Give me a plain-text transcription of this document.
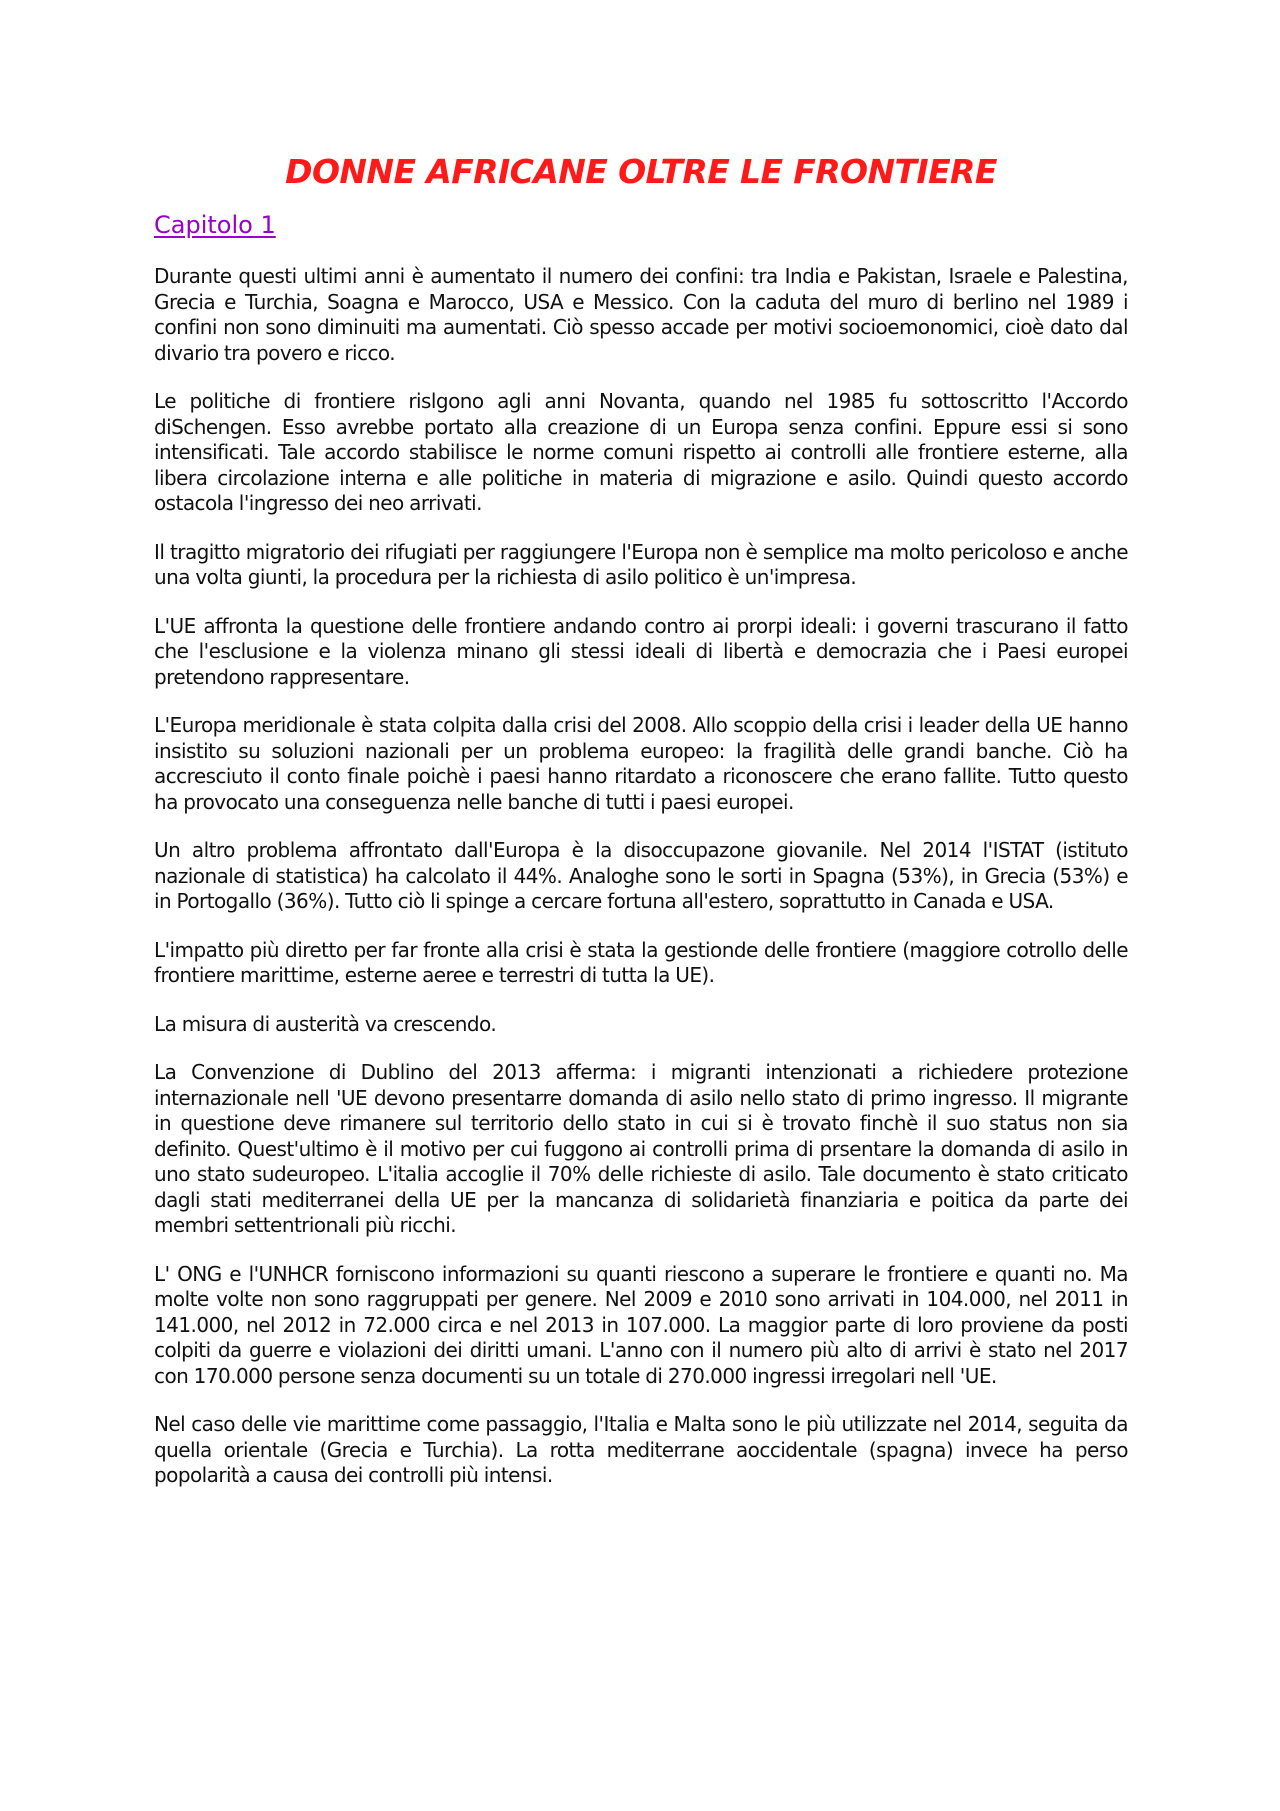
DONNE AFRICANE OLTRE LE FRONTIERE
Capitolo 1

Durante questi ultimi anni è aumentato il numero dei confini: tra India e Pakistan, Israele e Palestina, Grecia e Turchia, Soagna e Marocco, USA e Messico. Con la caduta del muro di berlino nel 1989 i confini non sono diminuiti ma aumentati. Ciò spesso accade per motivi socioemonomici, cioè dato dal divario tra povero e ricco.

Le politiche di frontiere rislgono agli anni Novanta, quando nel 1985 fu sottoscritto l'Accordo diSchengen. Esso avrebbe portato alla creazione di un Europa senza confini. Eppure essi si sono intensificati. Tale accordo stabilisce le norme comuni rispetto ai controlli alle frontiere esterne, alla libera circolazione interna e alle politiche in materia di migrazione e asilo. Quindi questo accordo ostacola l'ingresso dei neo arrivati.

Il tragitto migratorio dei rifugiati per raggiungere l'Europa non è semplice ma molto pericoloso e anche una volta giunti, la procedura per la richiesta di asilo politico è un'impresa.

L'UE affronta la questione delle frontiere andando contro ai prorpi ideali: i governi trascurano il fatto che l'esclusione e la violenza minano gli stessi ideali di libertà e democrazia che i Paesi europei pretendono rappresentare.

L'Europa meridionale è stata colpita dalla crisi del 2008. Allo scoppio della crisi i leader della UE hanno insistito su soluzioni nazionali per un problema europeo: la fragilità delle grandi banche. Ciò ha accresciuto il conto finale poichè i paesi hanno ritardato a riconoscere che erano fallite. Tutto questo ha provocato una conseguenza nelle banche di tutti i paesi europei.

Un altro problema affrontato dall'Europa è la disoccupazone giovanile. Nel 2014 l'ISTAT (istituto nazionale di statistica) ha calcolato il 44%. Analoghe sono le sorti in Spagna (53%), in Grecia (53%) e in Portogallo (36%). Tutto ciò li spinge a cercare fortuna all'estero, soprattutto in Canada e USA.

L'impatto più diretto per far fronte alla crisi è stata la gestionde delle frontiere (maggiore cotrollo delle frontiere marittime, esterne aeree e terrestri di tutta la UE).

La misura di austerità va crescendo.

La Convenzione di Dublino del 2013 afferma: i migranti intenzionati a richiedere protezione internazionale nell 'UE devono presentarre domanda di asilo nello stato di primo ingresso. Il migrante in questione deve rimanere sul territorio dello stato in cui si è trovato finchè il suo status non sia definito. Quest'ultimo è il motivo per cui fuggono ai controlli prima di prsentare la domanda di asilo in uno stato sudeuropeo. L'italia accoglie il 70% delle richieste di asilo. Tale documento è stato criticato dagli stati mediterranei della UE per la mancanza di solidarietà finanziaria e poitica da parte dei membri settentrionali più ricchi.

L' ONG e l'UNHCR forniscono informazioni su quanti riescono a superare le frontiere e quanti no. Ma molte volte non sono raggruppati per genere. Nel 2009 e 2010 sono arrivati in 104.000, nel 2011 in 141.000, nel 2012 in 72.000 circa e nel 2013 in 107.000. La maggior parte di loro proviene da posti colpiti da guerre e violazioni dei diritti umani. L'anno con il numero più alto di arrivi è stato nel 2017 con 170.000 persone senza documenti su un totale di 270.000 ingressi irregolari nell 'UE.

Nel caso delle vie marittime come passaggio, l'Italia e Malta sono le più utilizzate nel 2014, seguita da quella orientale (Grecia e Turchia). La rotta mediterrane aoccidentale (spagna) invece ha perso popolarità a causa dei controlli più intensi.
